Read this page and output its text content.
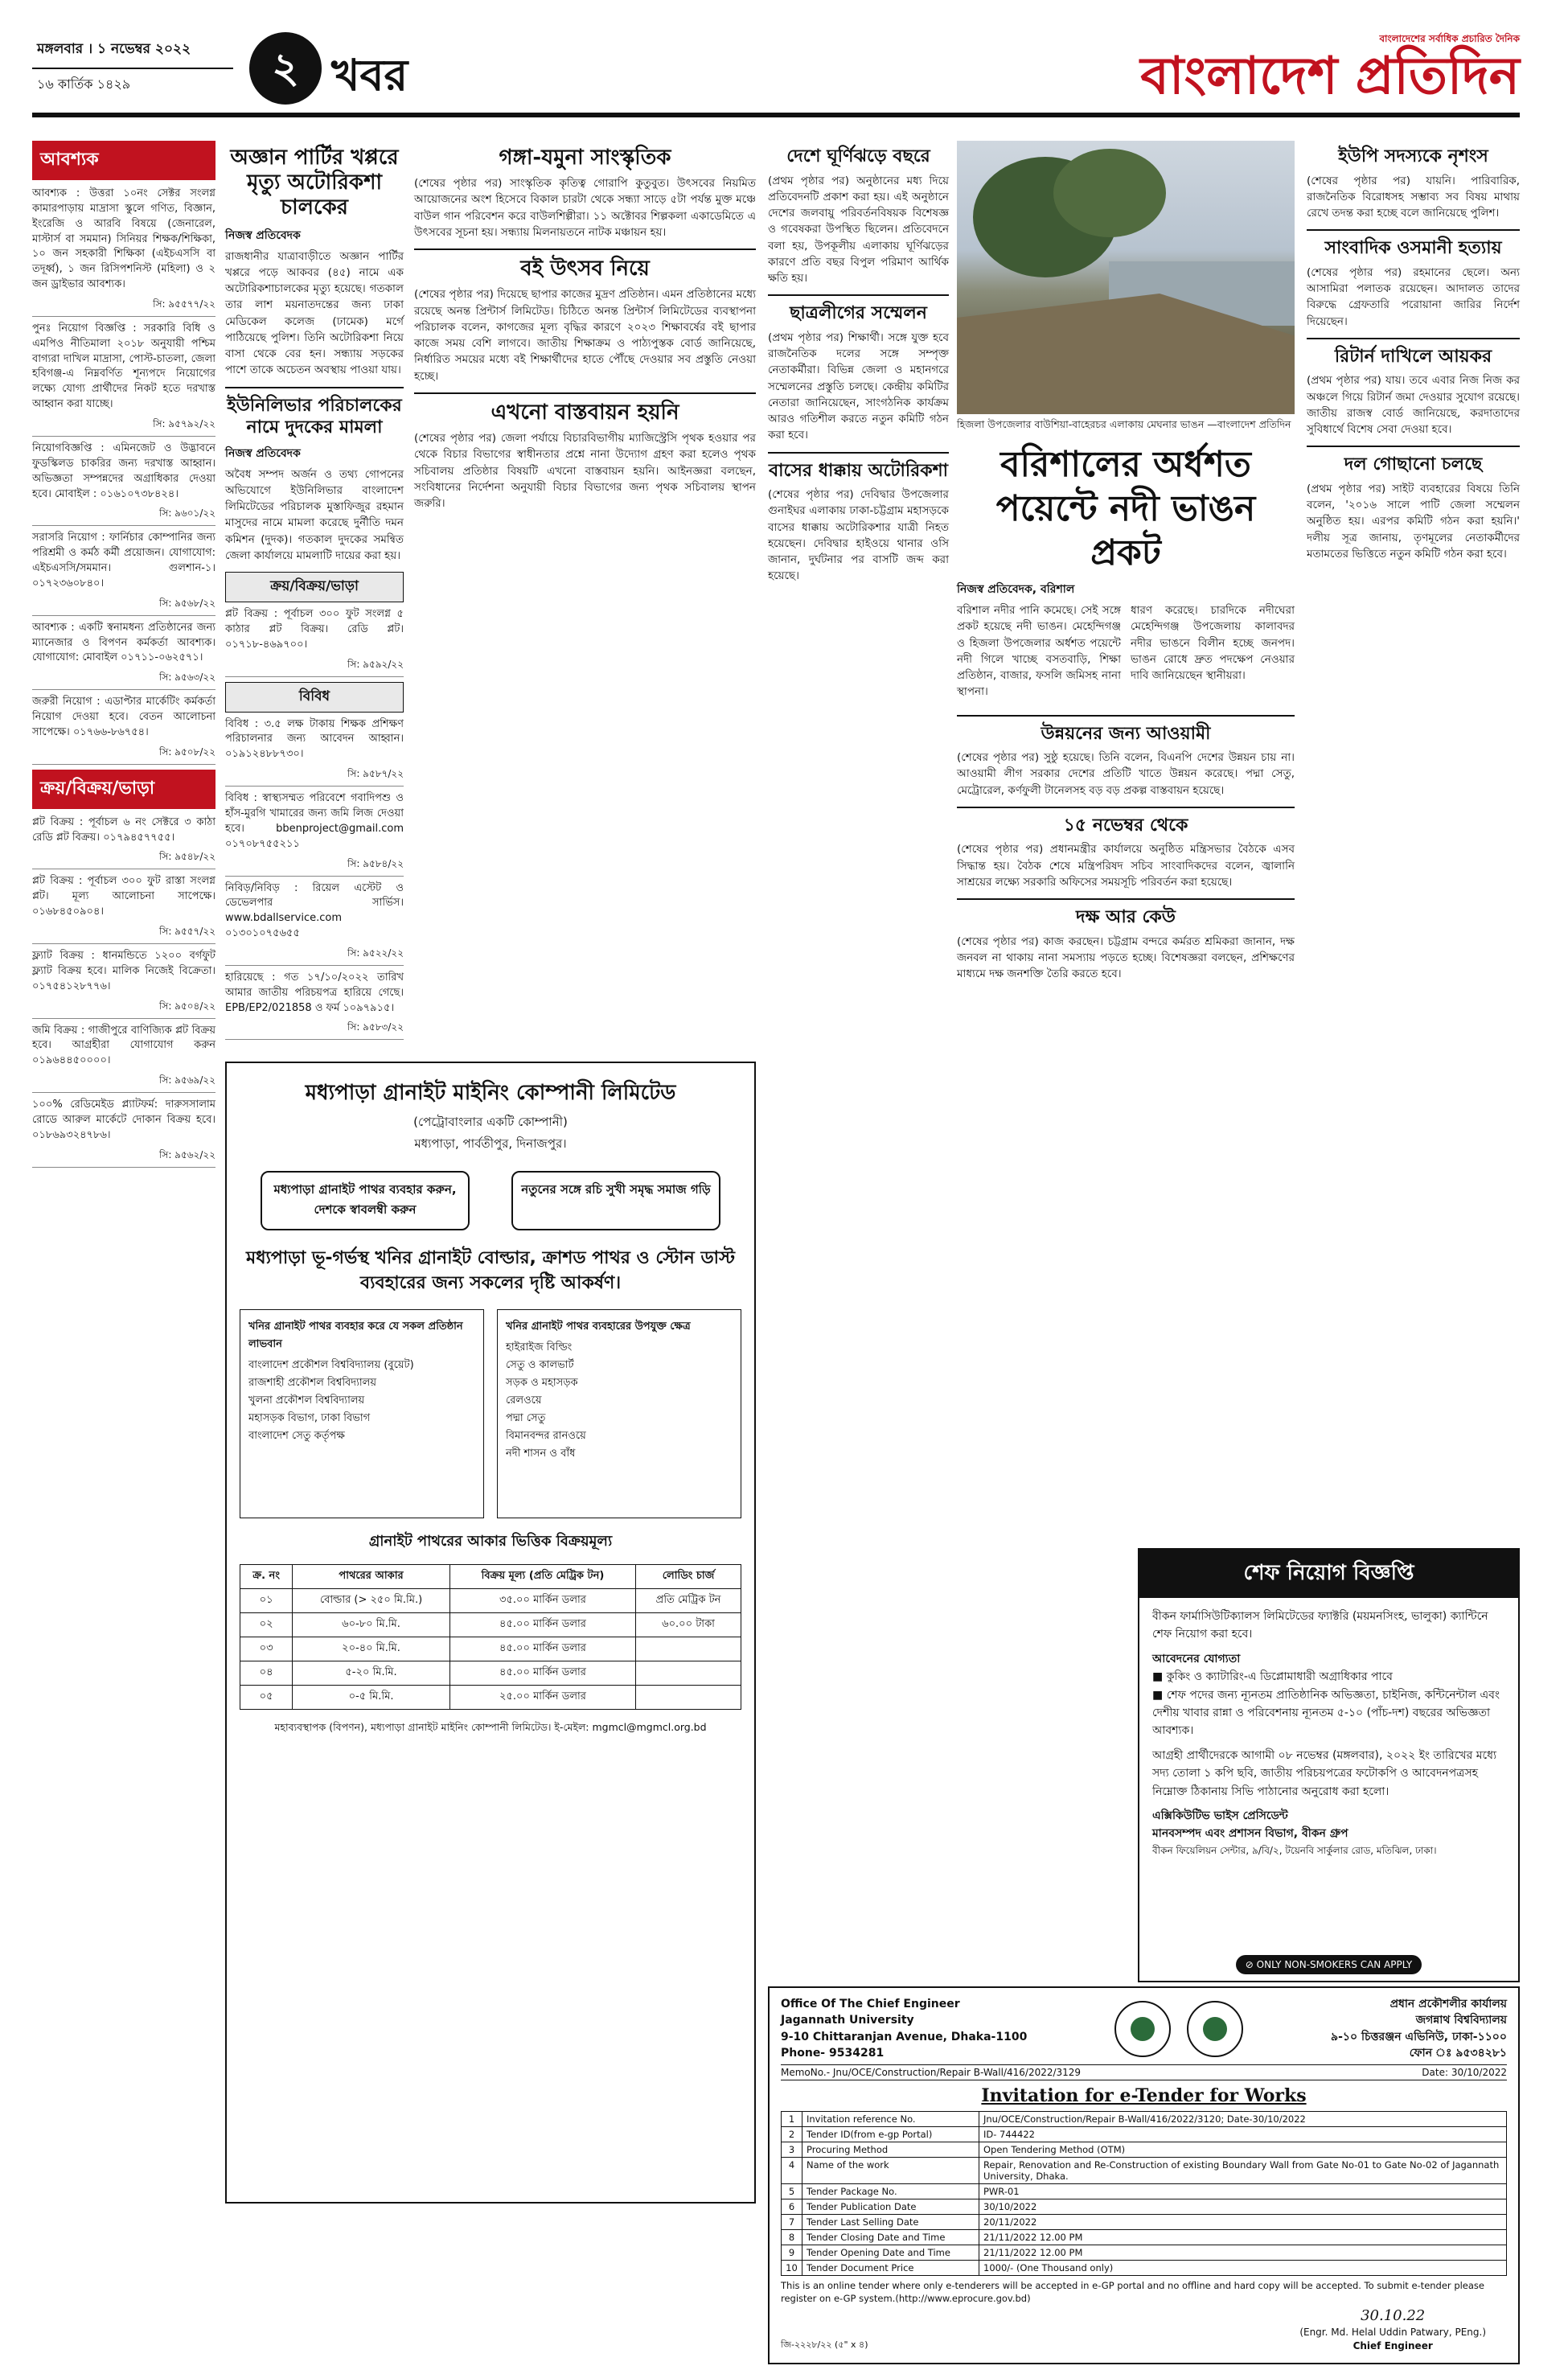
মঙ্গলবার । ১ নভেম্বর ২০২২
১৬ কার্তিক ১৪২৯	২ খবর
বাংলাদেশের সর্বাধিক প্রচারিত দৈনিক
বাংলাদেশ প্রতিদিন
আবশ্যক
আবশ্যক : উত্তরা ১০নং সেক্টর সংলগ্ন কামারপাড়ায় মাদ্রাসা স্কুলে গণিত, বিজ্ঞান, ইংরেজি ও আরবি বিষয়ে (জেনারেল, মাস্টার্স বা সমমান) সিনিয়র শিক্ষক/শিক্ষিকা, ১০ জন সহকারী শিক্ষিকা (এইচএসসি বা তদূর্ধ্ব), ১ জন রিসিপশনিস্ট (মহিলা) ও ২ জন ড্রাইভার আবশ্যক।
সি: ৯৫৫৭৭/২২
পুনঃ নিয়োগ বিজ্ঞপ্তি : সরকারি বিধি ও এমপিও নীতিমালা ২০১৮ অনুযায়ী পশ্চিম বাগ্যরা দাখিল মাদ্রাসা, পোস্ট-চাতলা, জেলা হবিগঞ্জ-এ নিম্নবর্ণিত শূন্যপদে নিয়োগের লক্ষ্যে যোগ্য প্রার্থীদের নিকট হতে দরখাস্ত আহ্বান করা যাচ্ছে।
সি: ৯৫৭৯২/২২
নিয়োগবিজ্ঞপ্তি : এমিনজেট ও উদ্ভাবনে ফুডস্কিলড চাকরির জন্য দরখাস্ত আহ্বান। অভিজ্ঞতা সম্পন্নদের অগ্রাধিকার দেওয়া হবে। মোবাইল : ০১৬১০৭৩৮৪২৪।
সি: ৯৬০১/২২
সরাসরি নিয়োগ : ফার্নিচার কোম্পানির জন্য পরিশ্রমী ও কর্মঠ কর্মী প্রয়োজন। যোগাযোগ: এইচএসসি/সমমান। গুলশান-১। ০১৭২৩৬০৮৪০।
সি: ৯৫৬৮/২২
আবশ্যক : একটি স্বনামধন্য প্রতিষ্ঠানের জন্য ম্যানেজার ও বিপণন কর্মকর্তা আবশ্যক। যোগাযোগ: মোবাইল ০১৭১১-০৬২৫৭১।
সি: ৯৫৬৩/২২
জরুরী নিয়োগ : এডাপ্টার মার্কেটিং কর্মকর্তা নিয়োগ দেওয়া হবে। বেতন আলোচনা সাপেক্ষে। ০১৭৬৬-৮৬৭৫৪।
সি: ৯৫০৮/২২
ক্রয়/বিক্রয়/ভাড়া
প্লট বিক্রয় : পূর্বাচল ৬ নং সেক্টরে ৩ কাঠা রেডি প্লট বিক্রয়। ০১৭৯৪৫৭৭৫৫।
সি: ৯৫৪৮/২২
প্লট বিক্রয় : পূর্বাচল ৩০০ ফুট রাস্তা সংলগ্ন প্লট। মূল্য আলোচনা সাপেক্ষে। ০১৬৮৪৫০৯০৪।
সি: ৯৫৫৭/২২
ফ্ল্যাট বিক্রয় : ধানমন্ডিতে ১২০০ বর্গফুট ফ্ল্যাট বিক্রয় হবে। মালিক নিজেই বিক্রেতা। ০১৭৫৪১২৮৭৭৬।
সি: ৯৫০৪/২২
জমি বিক্রয় : গাজীপুরে বাণিজ্যিক প্লট বিক্রয় হবে। আগ্রহীরা যোগাযোগ করুন ০১৯৬৪৪৫০০০০।
সি: ৯৫৬৯/২২
১০০% রেডিমেইড প্ল্যাটফর্ম: দারুসসালাম রোডে আরুল মার্কেটে দোকান বিক্রয় হবে। ০১৮৬৯৩২৪৭৮৬।
সি: ৯৫৬২/২২
অজ্ঞান পার্টির খপ্পরে মৃত্যু অটোরিকশা চালকের
নিজস্ব প্রতিবেদক
রাজধানীর যাত্রাবাড়ীতে অজ্ঞান পার্টির খপ্পরে পড়ে আকবর (৪৫) নামে এক অটোরিকশাচালকের মৃত্যু হয়েছে। গতকাল তার লাশ ময়নাতদন্তের জন্য ঢাকা মেডিকেল কলেজ (ঢামেক) মর্গে পাঠিয়েছে পুলিশ। তিনি অটোরিকশা নিয়ে বাসা থেকে বের হন। সন্ধ্যায় সড়কের পাশে তাকে অচেতন অবস্থায় পাওয়া যায়।
ইউনিলিভার পরিচালকের নামে দুদকের মামলা
নিজস্ব প্রতিবেদক
অবৈধ সম্পদ অর্জন ও তথ্য গোপনের অভিযোগে ইউনিলিভার বাংলাদেশ লিমিটেডের পরিচালক মুস্তাফিজুর রহমান মাসুদের নামে মামলা করেছে দুর্নীতি দমন কমিশন (দুদক)। গতকাল দুদকের সমন্বিত জেলা কার্যালয়ে মামলাটি দায়ের করা হয়।
ক্রয়/বিক্রয়/ভাড়া
প্লট বিক্রয় : পূর্বাচল ৩০০ ফুট সংলগ্ন ৫ কাঠার প্লট বিক্রয়। রেডি প্লট। ০১৭১৮-৪৬৯৭০০।
সি: ৯৫৯২/২২
বিবিধ
বিবিধ : ৩.৫ লক্ষ টাকায় শিক্ষক প্রশিক্ষণ পরিচালনার জন্য আবেদন আহ্বান। ০১৯১২৪৮৮৭৩০।
সি: ৯৫৮৭/২২
বিবিধ : স্বাস্থ্যসম্মত পরিবেশে গবাদিপশু ও হাঁস-মুরগি খামারের জন্য জমি লিজ দেওয়া হবে। bbenproject@gmail.com ০১৭০৮৭৫৫২১১
সি: ৯৫৮৪/২২
নিবিড়/নিবিড় : রিয়েল এস্টেট ও ডেভেলপার সার্ভিস। www.bdallservice.com ০১৩০১০৭৫৬৫৫
সি: ৯৫২২/২২
হারিয়েছে : গত ১৭/১০/২০২২ তারিখ আমার জাতীয় পরিচয়পত্র হারিয়ে গেছে। EPB/EP2/021858 ও ফর্ম ১০৯৭৯১৫।
সি: ৯৫৮৩/২২
গঙ্গা-যমুনা সাংস্কৃতিক
(শেষের পৃষ্ঠার পর) সাংস্কৃতিক কৃতিত্ব গোরাপি কুতুবুত। উৎসবের নিয়মিত আয়োজনের অংশ হিসেবে বিকাল চারটা থেকে সন্ধ্যা সাড়ে ৫টা পর্যন্ত মুক্ত মঞ্চে বাউল গান পরিবেশন করে বাউলশিল্পীরা। ১১ অক্টোবর শিল্পকলা একাডেমিতে এ উৎসবের সূচনা হয়। সন্ধ্যায় মিলনায়তনে নাটক মঞ্চায়ন হয়।
বই উৎসব নিয়ে
(শেষের পৃষ্ঠার পর) দিয়েছে ছাপার কাজের মুদ্রণ প্রতিষ্ঠান। এমন প্রতিষ্ঠানের মধ্যে রয়েছে অনন্ত প্রিন্টার্স লিমিটেড। চিঠিতে অনন্ত প্রিন্টার্স লিমিটেডের ব্যবস্থাপনা পরিচালক বলেন, কাগজের মূল্য বৃদ্ধির কারণে ২০২৩ শিক্ষাবর্ষের বই ছাপার কাজে সময় বেশি লাগবে। জাতীয় শিক্ষাক্রম ও পাঠ্যপুস্তক বোর্ড জানিয়েছে, নির্ধারিত সময়ের মধ্যে বই শিক্ষার্থীদের হাতে পৌঁছে দেওয়ার সব প্রস্তুতি নেওয়া হচ্ছে।
এখনো বাস্তবায়ন হয়নি
(শেষের পৃষ্ঠার পর) জেলা পর্যায়ে বিচারবিভাগীয় ম্যাজিস্ট্রেসি পৃথক হওয়ার পর থেকে বিচার বিভাগের স্বাধীনতার প্রশ্নে নানা উদ্যোগ গ্রহণ করা হলেও পৃথক সচিবালয় প্রতিষ্ঠার বিষয়টি এখনো বাস্তবায়ন হয়নি। আইনজ্ঞরা বলছেন, সংবিধানের নির্দেশনা অনুযায়ী বিচার বিভাগের জন্য পৃথক সচিবালয় স্থাপন জরুরি।
দেশে ঘূর্ণিঝড়ে বছরে
(প্রথম পৃষ্ঠার পর) অনুষ্ঠানের মধ্য দিয়ে প্রতিবেদনটি প্রকাশ করা হয়। এই অনুষ্ঠানে দেশের জলবায়ু পরিবর্তনবিষয়ক বিশেষজ্ঞ ও গবেষকরা উপস্থিত ছিলেন। প্রতিবেদনে বলা হয়, উপকূলীয় এলাকায় ঘূর্ণিঝড়ের কারণে প্রতি বছর বিপুল পরিমাণ আর্থিক ক্ষতি হয়।
ছাত্রলীগের সম্মেলন
(প্রথম পৃষ্ঠার পর) শিক্ষার্থী। সঙ্গে যুক্ত হবে রাজনৈতিক দলের সঙ্গে সম্পৃক্ত নেতাকর্মীরা। বিভিন্ন জেলা ও মহানগরে সম্মেলনের প্রস্তুতি চলছে। কেন্দ্রীয় কমিটির নেতারা জানিয়েছেন, সাংগঠনিক কার্যক্রম আরও গতিশীল করতে নতুন কমিটি গঠন করা হবে।
বাসের ধাক্কায় অটোরিকশা
(শেষের পৃষ্ঠার পর) দেবিদ্বার উপজেলার গুনাইঘর এলাকায় ঢাকা-চট্টগ্রাম মহাসড়কে বাসের ধাক্কায় অটোরিকশার যাত্রী নিহত হয়েছেন। দেবিদ্বার হাইওয়ে থানার ওসি জানান, দুর্ঘটনার পর বাসটি জব্দ করা হয়েছে।
হিজলা উপজেলার বাউশিয়া-বাহেরচর এলাকায় মেঘনার ভাঙন —বাংলাদেশ প্রতিদিন
বরিশালের অর্ধশত পয়েন্টে নদী ভাঙন প্রকট
নিজস্ব প্রতিবেদক, বরিশাল
বরিশাল নদীর পানি কমেছে। সেই সঙ্গে প্রকট হয়েছে নদী ভাঙন। মেহেন্দিগঞ্জ ও হিজলা উপজেলার অর্ধশত পয়েন্টে নদী গিলে খাচ্ছে বসতবাড়ি, শিক্ষা প্রতিষ্ঠান, বাজার, ফসলি জমিসহ নানা স্থাপনা।
ধারণ করেছে। চারদিকে নদীঘেরা মেহেন্দিগঞ্জ উপজেলায় কালাবদর নদীর ভাঙনে বিলীন হচ্ছে জনপদ। ভাঙন রোধে দ্রুত পদক্ষেপ নেওয়ার দাবি জানিয়েছেন স্থানীয়রা।
উন্নয়নের জন্য আওয়ামী
(শেষের পৃষ্ঠার পর) সুষ্ঠু হয়েছে। তিনি বলেন, বিএনপি দেশের উন্নয়ন চায় না। আওয়ামী লীগ সরকার দেশের প্রতিটি খাতে উন্নয়ন করেছে। পদ্মা সেতু, মেট্রোরেল, কর্ণফুলী টানেলসহ বড় বড় প্রকল্প বাস্তবায়ন হয়েছে।
১৫ নভেম্বর থেকে
(শেষের পৃষ্ঠার পর) প্রধানমন্ত্রীর কার্যালয়ে অনুষ্ঠিত মন্ত্রিসভার বৈঠকে এসব সিদ্ধান্ত হয়। বৈঠক শেষে মন্ত্রিপরিষদ সচিব সাংবাদিকদের বলেন, জ্বালানি সাশ্রয়ের লক্ষ্যে সরকারি অফিসের সময়সূচি পরিবর্তন করা হয়েছে।
দক্ষ আর কেউ
(শেষের পৃষ্ঠার পর) কাজ করছেন। চট্টগ্রাম বন্দরে কর্মরত শ্রমিকরা জানান, দক্ষ জনবল না থাকায় নানা সমস্যায় পড়তে হচ্ছে। বিশেষজ্ঞরা বলছেন, প্রশিক্ষণের মাধ্যমে দক্ষ জনশক্তি তৈরি করতে হবে।
ইউপি সদস্যকে নৃশংস
(শেষের পৃষ্ঠার পর) যায়নি। পারিবারিক, রাজনৈতিক বিরোধসহ সম্ভাব্য সব বিষয় মাথায় রেখে তদন্ত করা হচ্ছে বলে জানিয়েছে পুলিশ।
সাংবাদিক ওসমানী হত্যায়
(শেষের পৃষ্ঠার পর) রহমানের ছেলে। অন্য আসামিরা পলাতক রয়েছেন। আদালত তাদের বিরুদ্ধে গ্রেফতারি পরোয়ানা জারির নির্দেশ দিয়েছেন।
রিটার্ন দাখিলে আয়কর
(প্রথম পৃষ্ঠার পর) যায়। তবে এবার নিজ নিজ কর অঞ্চলে গিয়ে রিটার্ন জমা দেওয়ার সুযোগ রয়েছে। জাতীয় রাজস্ব বোর্ড জানিয়েছে, করদাতাদের সুবিধার্থে বিশেষ সেবা দেওয়া হবে।
দল গোছানো চলছে
(প্রথম পৃষ্ঠার পর) সাইট ব্যবহারের বিষয়ে তিনি বলেন, '২০১৬ সালে পাটি জেলা সম্মেলন অনুষ্ঠিত হয়। এরপর কমিটি গঠন করা হয়নি।' দলীয় সূত্র জানায়, তৃণমূলের নেতাকর্মীদের মতামতের ভিত্তিতে নতুন কমিটি গঠন করা হবে।
মধ্যপাড়া গ্রানাইট মাইনিং কোম্পানী লিমিটেড
(পেট্রোবাংলার একটি কোম্পানী)
মধ্যপাড়া, পার্বতীপুর, দিনাজপুর।
মধ্যপাড়া গ্রানাইট পাথর ব্যবহার করুন, দেশকে স্বাবলম্বী করুন
নতুনের সঙ্গে রচি সুখী সমৃদ্ধ সমাজ গড়ি
মধ্যপাড়া ভূ-গর্ভস্থ খনির গ্রানাইট বোল্ডার, ক্রাশড পাথর ও স্টোন ডাস্ট ব্যবহারের জন্য সকলের দৃষ্টি আকর্ষণ।
খনির গ্রানাইট পাথর ব্যবহার করে যে সকল প্রতিষ্ঠান লাভবান
বাংলাদেশ প্রকৌশল বিশ্ববিদ্যালয় (বুয়েট)
রাজশাহী প্রকৌশল বিশ্ববিদ্যালয়
খুলনা প্রকৌশল বিশ্ববিদ্যালয়
মহাসড়ক বিভাগ, ঢাকা বিভাগ
বাংলাদেশ সেতু কর্তৃপক্ষ
খনির গ্রানাইট পাথর ব্যবহারের উপযুক্ত ক্ষেত্র
হাইরাইজ বিল্ডিং
সেতু ও কালভার্ট
সড়ক ও মহাসড়ক
রেলওয়ে
পদ্মা সেতু
বিমানবন্দর রানওয়ে
নদী শাসন ও বাঁধ
গ্রানাইট পাথরের আকার ভিত্তিক বিক্রয়মূল্য
ক্র. নং	পাথরের আকার	বিক্রয় মূল্য (প্রতি মেট্রিক টন)	লোডিং চার্জ
০১	বোল্ডার (> ২৫০ মি.মি.)	৩৫.০০ মার্কিন ডলার	প্রতি মেট্রিক টন
০২	৬০-৮০ মি.মি.	৪৫.০০ মার্কিন ডলার	৬০.০০ টাকা
০৩	২০-৪০ মি.মি.	৪৫.০০ মার্কিন ডলার	
০৪	৫-২০ মি.মি.	৪৫.০০ মার্কিন ডলার	
০৫	০-৫ মি.মি.	২৫.০০ মার্কিন ডলার	
মহাব্যবস্থাপক (বিপণন), মধ্যপাড়া গ্রানাইট মাইনিং কোম্পানী লিমিটেড। ই-মেইল: mgmcl@mgmcl.org.bd
শেফ নিয়োগ বিজ্ঞপ্তি
বীকন ফার্মাসিউটিক্যালস লিমিটেডের ফ্যাক্টরি (ময়মনসিংহ, ভালুকা) ক্যান্টিনে শেফ নিয়োগ করা হবে।
আবেদনের যোগ্যতা
■ কুকিং ও ক্যাটারিং-এ ডিপ্লোমাধারী অগ্রাধিকার পাবে
■ শেফ পদের জন্য ন্যূনতম প্রাতিষ্ঠানিক অভিজ্ঞতা, চাইনিজ, কন্টিনেন্টাল এবং দেশীয় খাবার রান্না ও পরিবেশনায় ন্যূনতম ৫-১০ (পাঁচ-দশ) বছরের অভিজ্ঞতা আবশ্যক।
আগ্রহী প্রার্থীদেরকে আগামী ০৮ নভেম্বর (মঙ্গলবার), ২০২২ ইং তারিখের মধ্যে সদ্য তোলা ১ কপি ছবি, জাতীয় পরিচয়পত্রের ফটোকপি ও আবেদনপত্রসহ নিম্নোক্ত ঠিকানায় সিভি পাঠানোর অনুরোধ করা হলো।
এক্সিকিউটিভ ভাইস প্রেসিডেন্ট
মানবসম্পদ এবং প্রশাসন বিভাগ, বীকন গ্রুপ
বীকন ফিয়েলিয়ন সেন্টার, ৯/বি/২, টয়েনবি সার্কুলার রোড, মতিঝিল, ঢাকা।
⊘ ONLY NON-SMOKERS CAN APPLY
Office Of The Chief Engineer
Jagannath University
9-10 Chittaranjan Avenue, Dhaka-1100
Phone- 9534281
প্রধান প্রকৌশলীর কার্যালয়
জগন্নাথ বিশ্ববিদ্যালয়
৯-১০ চিত্তরঞ্জন এভিনিউ, ঢাকা-১১০০
ফোন ঃ ৯৫৩৪২৮১
MemoNo.- Jnu/OCE/Construction/Repair B-Wall/416/2022/3129	Date: 30/10/2022
Invitation for e-Tender for Works
1	Invitation reference No.	Jnu/OCE/Construction/Repair B-Wall/416/2022/3120; Date-30/10/2022
2	Tender ID(from e-gp Portal)	ID- 744422
3	Procuring Method	Open Tendering Method (OTM)
4	Name of the work	Repair, Renovation and Re-Construction of existing Boundary Wall from Gate No-01 to Gate No-02 of Jagannath University, Dhaka.
5	Tender Package No.	PWR-01
6	Tender Publication Date	30/10/2022
7	Tender Last Selling Date	20/11/2022
8	Tender Closing Date and Time	21/11/2022 12.00 PM
9	Tender Opening Date and Time	21/11/2022 12.00 PM
10	Tender Document Price	1000/- (One Thousand only)
This is an online tender where only e-tenderers will be accepted in e-GP portal and no offline and hard copy will be accepted. To submit e-tender please register on e-GP system.(http://www.eprocure.gov.bd)
জি-২২২৮/২২ (৫" x ৪)
30.10.22
(Engr. Md. Helal Uddin Patwary, PEng.)
Chief Engineer
